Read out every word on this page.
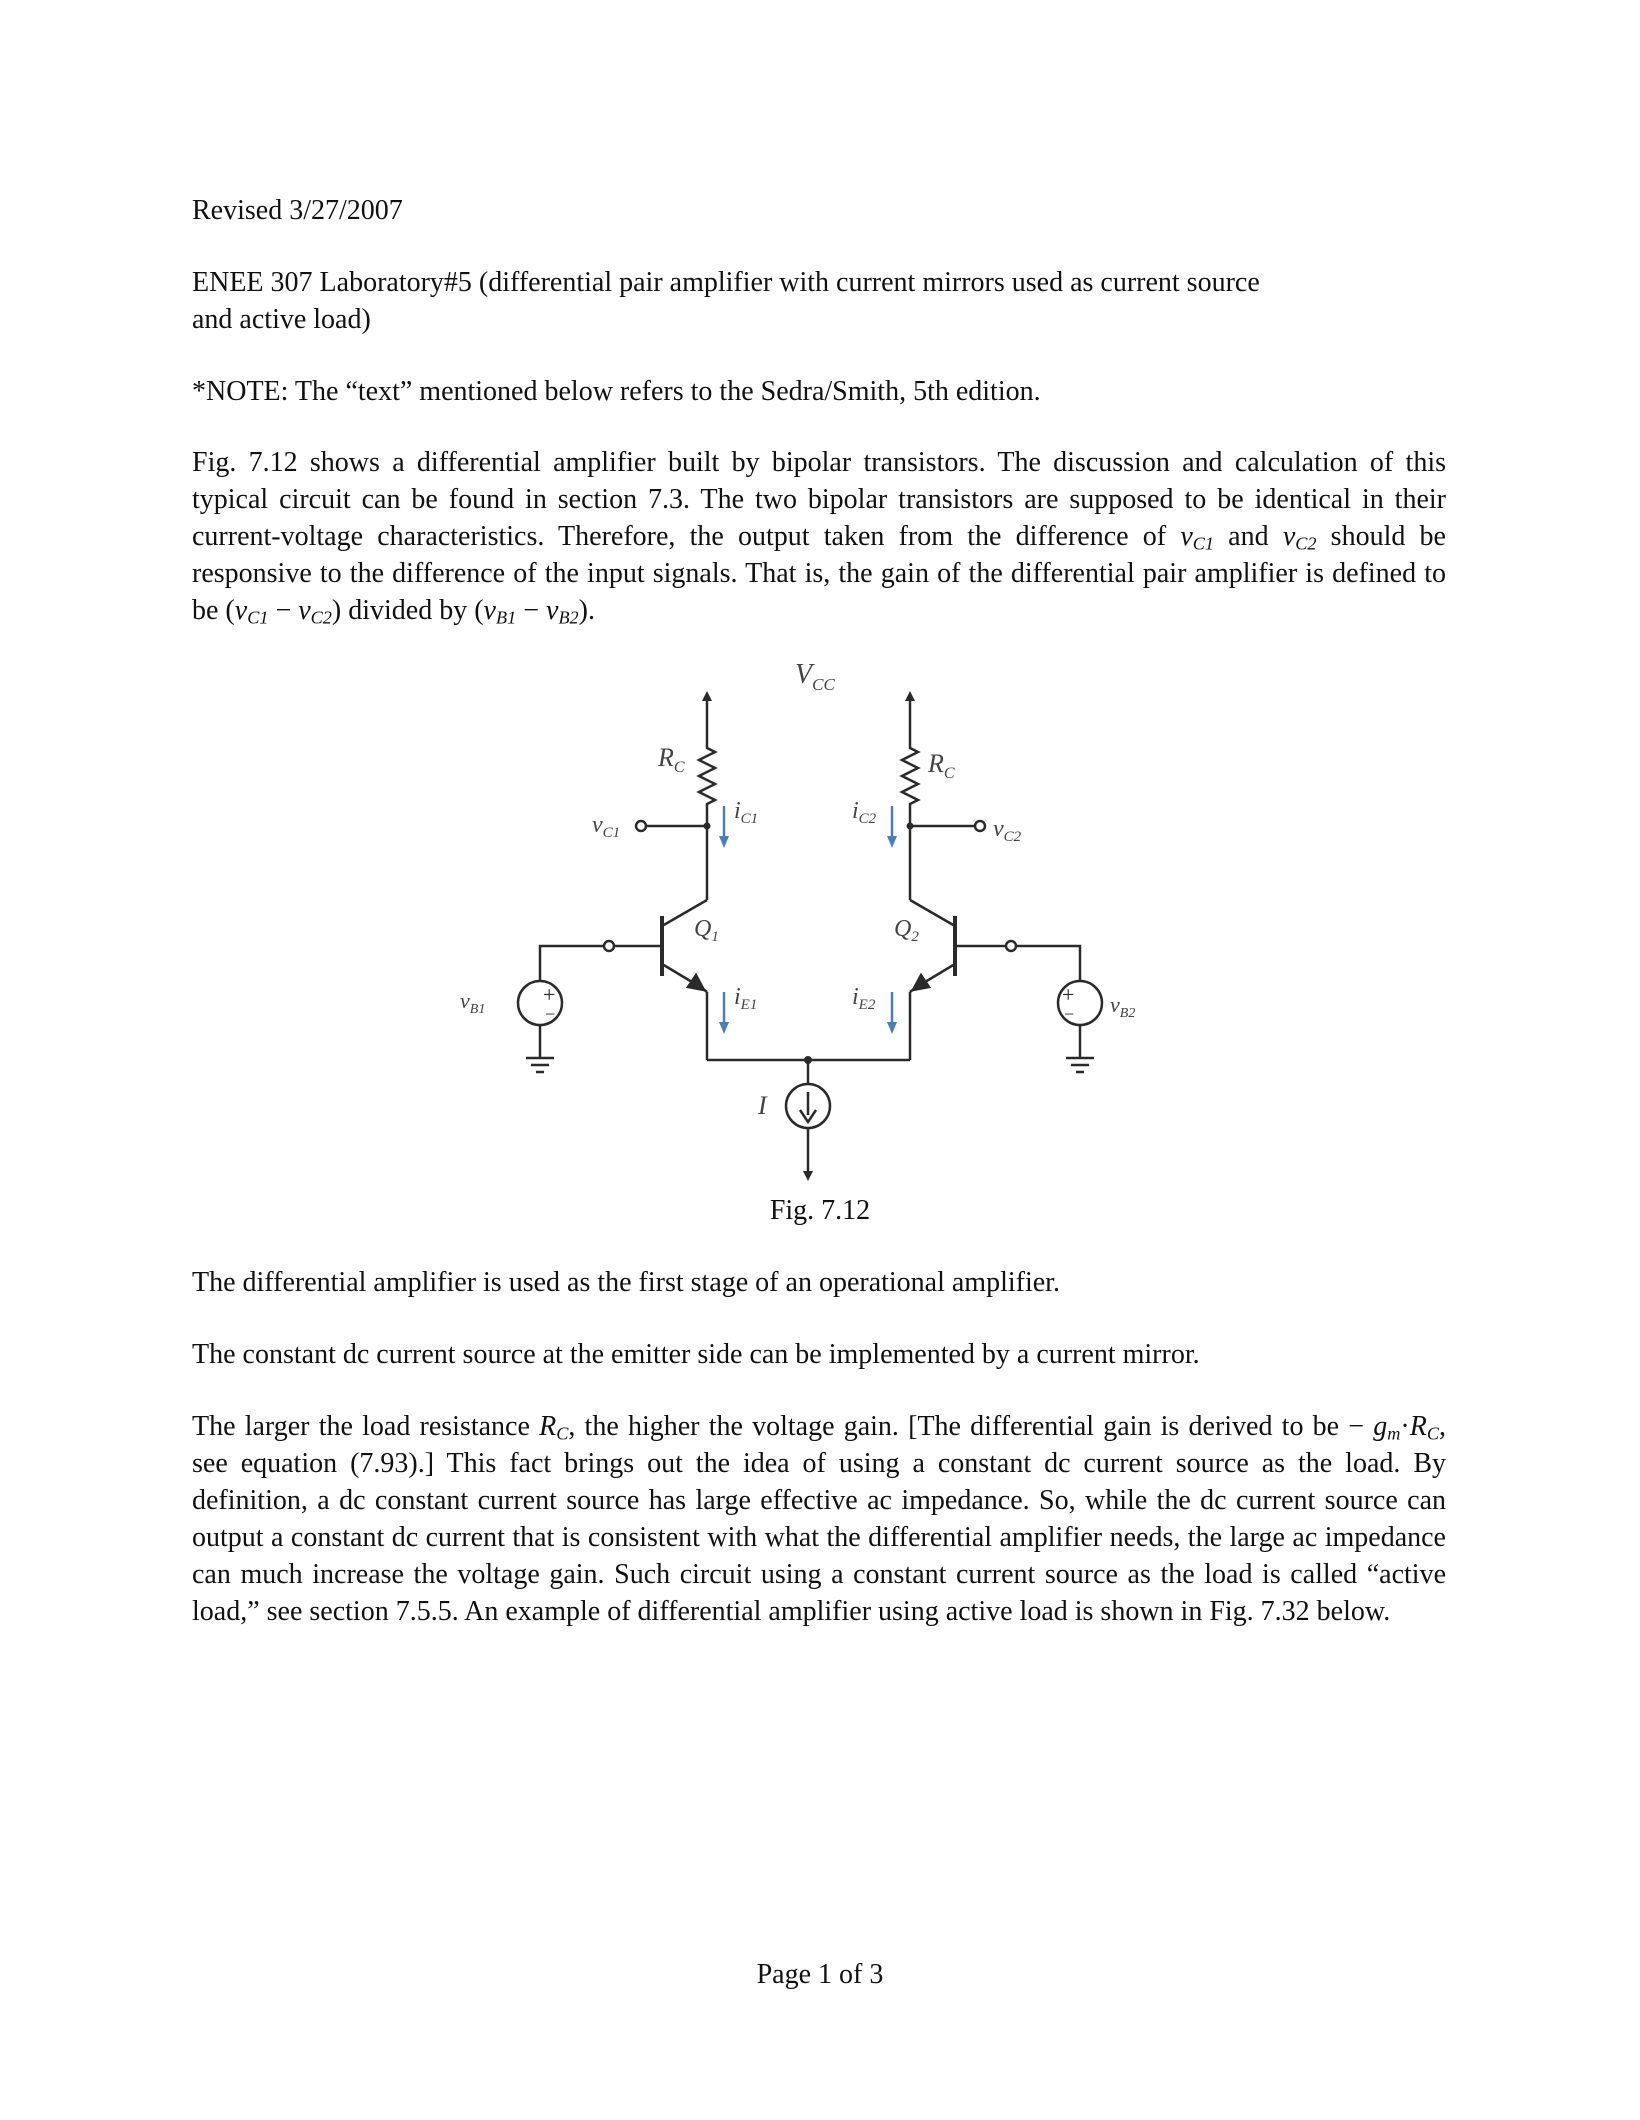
Revised 3/27/2007

ENEE 307 Laboratory#5 (differential pair amplifier with current mirrors used as current source

and active load)

*NOTE: The “text” mentioned below refers to the Sedra/Smith, 5th edition.

Fig. 7.12 shows a differential amplifier built by bipolar transistors. The discussion and calculation of this typical circuit can be found in section 7.3. The two bipolar transistors are supposed to be identical in their current-voltage characteristics. Therefore, the output taken from the difference of $v_{C1}$ and $v_{C2}$ should be responsive to the difference of the input signals. That is, the gain of the differential pair amplifier is defined to be $(v_{C1} - v_{C2})$ divided by $(v_{B1} - v_{B2})$.

$V_{CC}$
$R_C$	$R_C$
$v_{C1}$	$v_{C2}$
$i_{C1}$	$i_{C2}$
$Q_1$	$Q_2$
$i_{E1}$	$i_{E2}$
$v_{B1}$	$v_{B2}$
I
+
−
+
−

Fig. 7.12

The differential amplifier is used as the first stage of an operational amplifier.

The constant dc current source at the emitter side can be implemented by a current mirror.

The larger the load resistance $R_C$, the higher the voltage gain. [The differential gain is derived to be − $g_m\cdot R_C$, see equation (7.93).] This fact brings out the idea of using a constant dc current source as the load. By definition, a dc constant current source has large effective ac impedance. So, while the dc current source can output a constant dc current that is consistent with what the differential amplifier needs, the large ac impedance can much increase the voltage gain. Such circuit using a constant current source as the load is called “active load,” see section 7.5.5. An example of differential amplifier using active load is shown in Fig. 7.32 below.

Page 1 of 3
